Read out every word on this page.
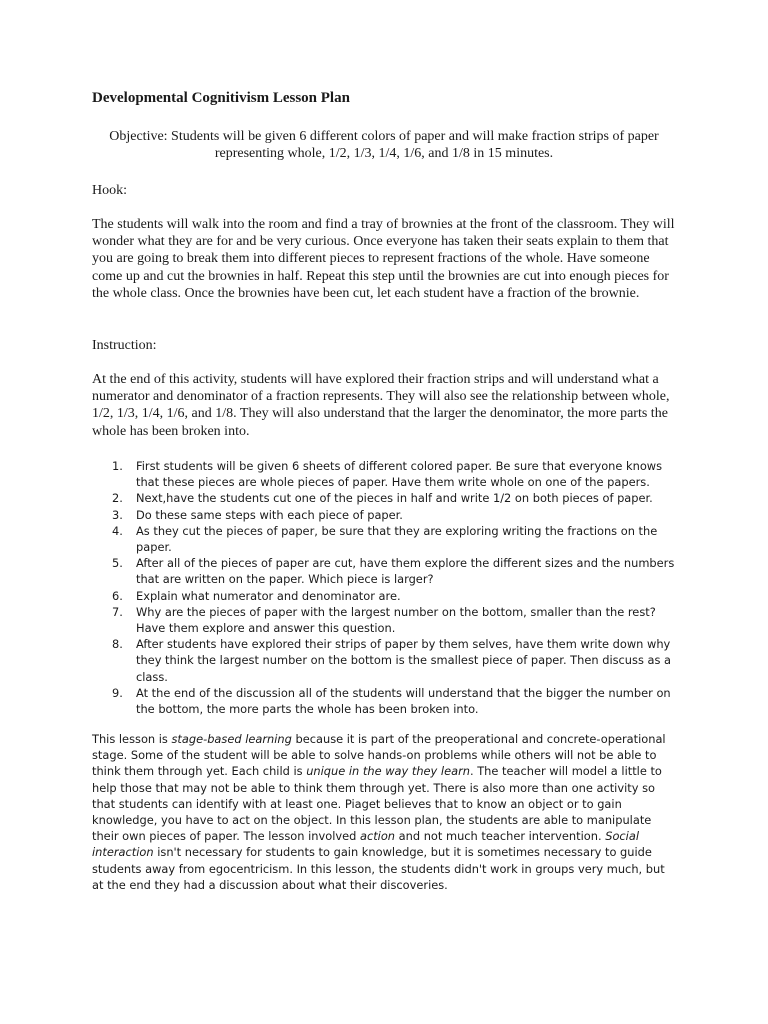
Developmental Cognitivism Lesson Plan
Objective: Students will be given 6 different colors of paper and will make fraction strips of paper representing whole, 1/2, 1/3, 1/4, 1/6, and 1/8 in 15 minutes.
Hook:
The students will walk into the room and find a tray of brownies at the front of the classroom. They will wonder what they are for and be very curious. Once everyone has taken their seats explain to them that you are going to break them into different pieces to represent fractions of the whole. Have someone come up and cut the brownies in half. Repeat this step until the brownies are cut into enough pieces for the whole class. Once the brownies have been cut, let each student have a fraction of the brownie.
Instruction:
At the end of this activity, students will have explored their fraction strips and will understand what a numerator and denominator of a fraction represents. They will also see the relationship between whole, 1/2, 1/3, 1/4, 1/6, and 1/8. They will also understand that the larger the denominator, the more parts the whole has been broken into.
1. First students will be given 6 sheets of different colored paper. Be sure that everyone knows that these pieces are whole pieces of paper. Have them write whole on one of the papers.
2. Next,have the students cut one of the pieces in half and write 1/2 on both pieces of paper.
3. Do these same steps with each piece of paper.
4. As they cut the pieces of paper, be sure that they are exploring writing the fractions on the paper.
5. After all of the pieces of paper are cut, have them explore the different sizes and the numbers that are written on the paper. Which piece is larger?
6. Explain what numerator and denominator are.
7. Why are the pieces of paper with the largest number on the bottom, smaller than the rest? Have them explore and answer this question.
8. After students have explored their strips of paper by them selves, have them write down why they think the largest number on the bottom is the smallest piece of paper. Then discuss as a class.
9. At the end of the discussion all of the students will understand that the bigger the number on the bottom, the more parts the whole has been broken into.
This lesson is stage-based learning because it is part of the preoperational and concrete-operational stage. Some of the student will be able to solve hands-on problems while others will not be able to think them through yet. Each child is unique in the way they learn. The teacher will model a little to help those that may not be able to think them through yet. There is also more than one activity so that students can identify with at least one. Piaget believes that to know an object or to gain knowledge, you have to act on the object. In this lesson plan, the students are able to manipulate their own pieces of paper. The lesson involved action and not much teacher intervention. Social interaction isn't necessary for students to gain knowledge, but it is sometimes necessary to guide students away from egocentricism. In this lesson, the students didn't work in groups very much, but at the end they had a discussion about what their discoveries.
